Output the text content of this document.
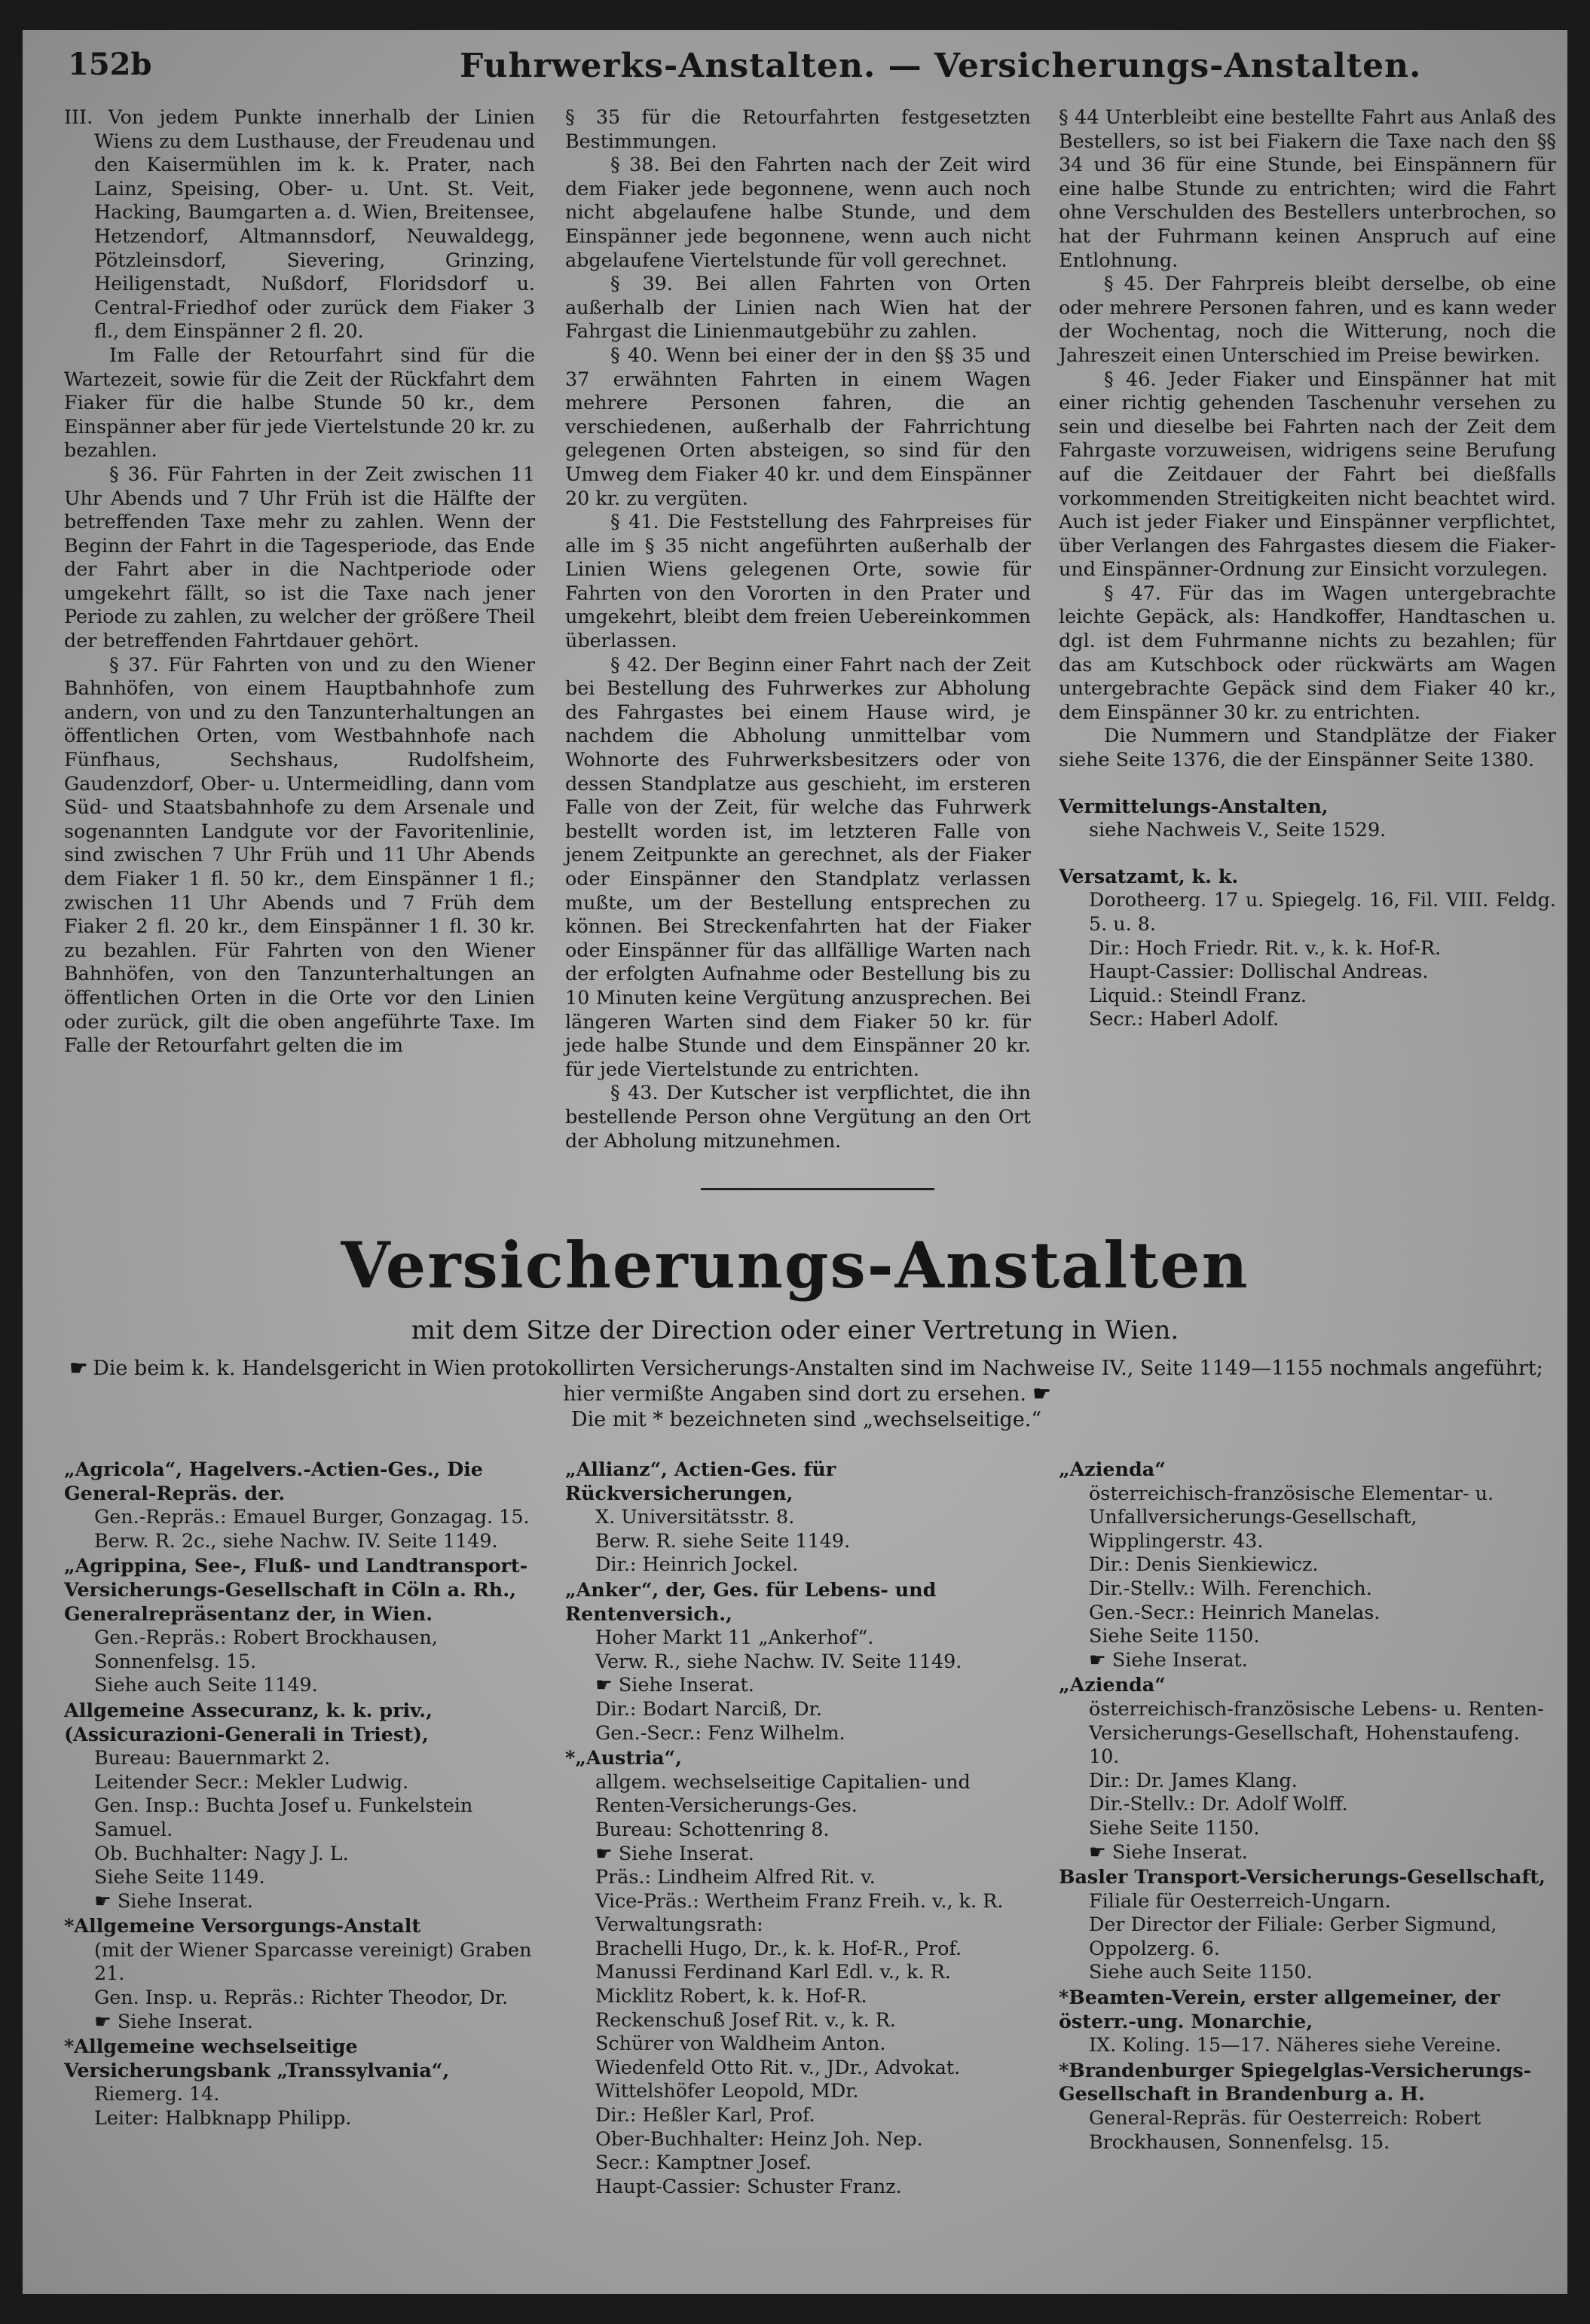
152b	Fuhrwerks-Anstalten. — Versicherungs-Anstalten.

III. Von jedem Punkte innerhalb der Linien Wiens zu dem Lusthause, der Freudenau und den Kaisermühlen im k. k. Prater, nach Lainz, Speising, Ober- u. Unt. St. Veit, Hacking, Baumgarten a. d. Wien, Breitensee, Hetzendorf, Altmannsdorf, Neuwaldegg, Pötzleinsdorf, Sievering, Grinzing, Heiligenstadt, Nußdorf, Floridsdorf u. Central-Friedhof oder zurück dem Fiaker 3 fl., dem Einspänner 2 fl. 20.

Im Falle der Retourfahrt sind für die Wartezeit, sowie für die Zeit der Rückfahrt dem Fiaker für die halbe Stunde 50 kr., dem Einspänner aber für jede Viertelstunde 20 kr. zu bezahlen.

§ 36. Für Fahrten in der Zeit zwischen 11 Uhr Abends und 7 Uhr Früh ist die Hälfte der betreffenden Taxe mehr zu zahlen. Wenn der Beginn der Fahrt in die Tagesperiode, das Ende der Fahrt aber in die Nachtperiode oder umgekehrt fällt, so ist die Taxe nach jener Periode zu zahlen, zu welcher der größere Theil der betreffenden Fahrtdauer gehört.

§ 37. Für Fahrten von und zu den Wiener Bahnhöfen, von einem Hauptbahnhofe zum andern, von und zu den Tanzunterhaltungen an öffentlichen Orten, vom Westbahnhofe nach Fünfhaus, Sechshaus, Rudolfsheim, Gaudenzdorf, Ober- u. Untermeidling, dann vom Süd- und Staatsbahnhofe zu dem Arsenale und sogenannten Landgute vor der Favoritenlinie, sind zwischen 7 Uhr Früh und 11 Uhr Abends dem Fiaker 1 fl. 50 kr., dem Einspänner 1 fl.; zwischen 11 Uhr Abends und 7 Früh dem Fiaker 2 fl. 20 kr., dem Einspänner 1 fl. 30 kr. zu bezahlen. Für Fahrten von den Wiener Bahnhöfen, von den Tanzunterhaltungen an öffentlichen Orten in die Orte vor den Linien oder zurück, gilt die oben angeführte Taxe. Im Falle der Retourfahrt gelten die im

§ 35 für die Retourfahrten festgesetzten Bestimmungen.

§ 38. Bei den Fahrten nach der Zeit wird dem Fiaker jede begonnene, wenn auch noch nicht abgelaufene halbe Stunde, und dem Einspänner jede begonnene, wenn auch nicht abgelaufene Viertelstunde für voll gerechnet.

§ 39. Bei allen Fahrten von Orten außerhalb der Linien nach Wien hat der Fahrgast die Linienmautgebühr zu zahlen.

§ 40. Wenn bei einer der in den §§ 35 und 37 erwähnten Fahrten in einem Wagen mehrere Personen fahren, die an verschiedenen, außerhalb der Fahrrichtung gelegenen Orten absteigen, so sind für den Umweg dem Fiaker 40 kr. und dem Einspänner 20 kr. zu vergüten.

§ 41. Die Feststellung des Fahrpreises für alle im § 35 nicht angeführten außerhalb der Linien Wiens gelegenen Orte, sowie für Fahrten von den Vororten in den Prater und umgekehrt, bleibt dem freien Uebereinkommen überlassen.

§ 42. Der Beginn einer Fahrt nach der Zeit bei Bestellung des Fuhrwerkes zur Abholung des Fahrgastes bei einem Hause wird, je nachdem die Abholung unmittelbar vom Wohnorte des Fuhrwerksbesitzers oder von dessen Standplatze aus geschieht, im ersteren Falle von der Zeit, für welche das Fuhrwerk bestellt worden ist, im letzteren Falle von jenem Zeitpunkte an gerechnet, als der Fiaker oder Einspänner den Standplatz verlassen mußte, um der Bestellung entsprechen zu können. Bei Streckenfahrten hat der Fiaker oder Einspänner für das allfällige Warten nach der erfolgten Aufnahme oder Bestellung bis zu 10 Minuten keine Vergütung anzusprechen. Bei längeren Warten sind dem Fiaker 50 kr. für jede halbe Stunde und dem Einspänner 20 kr. für jede Viertelstunde zu entrichten.

§ 43. Der Kutscher ist verpflichtet, die ihn bestellende Person ohne Vergütung an den Ort der Abholung mitzunehmen.

§ 44 Unterbleibt eine bestellte Fahrt aus Anlaß des Bestellers, so ist bei Fiakern die Taxe nach den §§ 34 und 36 für eine Stunde, bei Einspännern für eine halbe Stunde zu entrichten; wird die Fahrt ohne Verschulden des Bestellers unterbrochen, so hat der Fuhrmann keinen Anspruch auf eine Entlohnung.

§ 45. Der Fahrpreis bleibt derselbe, ob eine oder mehrere Personen fahren, und es kann weder der Wochentag, noch die Witterung, noch die Jahreszeit einen Unterschied im Preise bewirken.

§ 46. Jeder Fiaker und Einspänner hat mit einer richtig gehenden Taschenuhr versehen zu sein und dieselbe bei Fahrten nach der Zeit dem Fahrgaste vorzuweisen, widrigens seine Berufung auf die Zeitdauer der Fahrt bei dießfalls vorkommenden Streitigkeiten nicht beachtet wird. Auch ist jeder Fiaker und Einspänner verpflichtet, über Verlangen des Fahrgastes diesem die Fiaker- und Einspänner-Ordnung zur Einsicht vorzulegen.

§ 47. Für das im Wagen untergebrachte leichte Gepäck, als: Handkoffer, Handtaschen u. dgl. ist dem Fuhrmanne nichts zu bezahlen; für das am Kutschbock oder rückwärts am Wagen untergebrachte Gepäck sind dem Fiaker 40 kr., dem Einspänner 30 kr. zu entrichten.

Die Nummern und Standplätze der Fiaker siehe Seite 1376, die der Einspänner Seite 1380.

Vermittelungs-Anstalten,

siehe Nachweis V., Seite 1529.

Versatzamt, k. k.

Dorotheerg. 17 u. Spiegelg. 16, Fil. VIII. Feldg. 5. u. 8.

Dir.: Hoch Friedr. Rit. v., k. k. Hof-R.

Haupt-Cassier: Dollischal Andreas.

Liquid.: Steindl Franz.

Secr.: Haberl Adolf.

Versicherungs-Anstalten
mit dem Sitze der Direction oder einer Vertretung in Wien.
☛ Die beim k. k. Handelsgericht in Wien protokollirten Versicherungs-Anstalten sind im Nachweise IV., Seite 1149—1155 nochmals angeführt; hier vermißte Angaben sind dort zu ersehen. ☛
Die mit * bezeichneten sind „wechselseitige.“
„Agricola“, Hagelvers.-Actien-Ges., Die General-Repräs. der.
Gen.-Repräs.: Emauel Burger, Gonzagag. 15.
Berw. R. 2c., siehe Nachw. IV. Seite 1149.
„Agrippina, See-, Fluß- und Landtransport-Versicherungs-Gesellschaft in Cöln a. Rh., Generalrepräsentanz der, in Wien.
Gen.-Repräs.: Robert Brockhausen, Sonnenfelsg. 15.
Siehe auch Seite 1149.
Allgemeine Assecuranz, k. k. priv., (Assicurazioni-Generali in Triest),
Bureau: Bauernmarkt 2.
Leitender Secr.: Mekler Ludwig.
Gen. Insp.: Buchta Josef u. Funkelstein Samuel.
Ob. Buchhalter: Nagy J. L.
Siehe Seite 1149.
☛ Siehe Inserat.
*Allgemeine Versorgungs-Anstalt
(mit der Wiener Sparcasse vereinigt) Graben 21.
Gen. Insp. u. Repräs.: Richter Theodor, Dr.
☛ Siehe Inserat.
*Allgemeine wechselseitige Versicherungsbank „Transsylvania“,
Riemerg. 14.
Leiter: Halbknapp Philipp.
„Allianz“, Actien-Ges. für Rückversicherungen,
X. Universitätsstr. 8.
Berw. R. siehe Seite 1149.
Dir.: Heinrich Jockel.
„Anker“, der, Ges. für Lebens- und Rentenversich.,
Hoher Markt 11 „Ankerhof“.
Verw. R., siehe Nachw. IV. Seite 1149.
☛ Siehe Inserat.
Dir.: Bodart Narciß, Dr.
Gen.-Secr.: Fenz Wilhelm.
*„Austria“,
allgem. wechselseitige Capitalien- und Renten-Versicherungs-Ges.
Bureau: Schottenring 8.
☛ Siehe Inserat.
Präs.: Lindheim Alfred Rit. v.
Vice-Präs.: Wertheim Franz Freih. v., k. R.
Verwaltungsrath:
Brachelli Hugo, Dr., k. k. Hof-R., Prof.
Manussi Ferdinand Karl Edl. v., k. R.
Micklitz Robert, k. k. Hof-R.
Reckenschuß Josef Rit. v., k. R.
Schürer von Waldheim Anton.
Wiedenfeld Otto Rit. v., JDr., Advokat.
Wittelshöfer Leopold, MDr.
Dir.: Heßler Karl, Prof.
Ober-Buchhalter: Heinz Joh. Nep.
Secr.: Kamptner Josef.
Haupt-Cassier: Schuster Franz.
„Azienda“
österreichisch-französische Elementar- u. Unfallversicherungs-Gesellschaft, Wipplingerstr. 43.
Dir.: Denis Sienkiewicz.
Dir.-Stellv.: Wilh. Ferenchich.
Gen.-Secr.: Heinrich Manelas.
Siehe Seite 1150.
☛ Siehe Inserat.
„Azienda“
österreichisch-französische Lebens- u. Renten-Versicherungs-Gesellschaft, Hohenstaufeng. 10.
Dir.: Dr. James Klang.
Dir.-Stellv.: Dr. Adolf Wolff.
Siehe Seite 1150.
☛ Siehe Inserat.
Basler Transport-Versicherungs-Gesellschaft,
Filiale für Oesterreich-Ungarn.
Der Director der Filiale: Gerber Sigmund, Oppolzerg. 6.
Siehe auch Seite 1150.
*Beamten-Verein, erster allgemeiner, der österr.-ung. Monarchie,
IX. Koling. 15—17. Näheres siehe Vereine.
*Brandenburger Spiegelglas-Versicherungs-Gesellschaft in Brandenburg a. H.
General-Repräs. für Oesterreich: Robert Brockhausen, Sonnenfelsg. 15.
